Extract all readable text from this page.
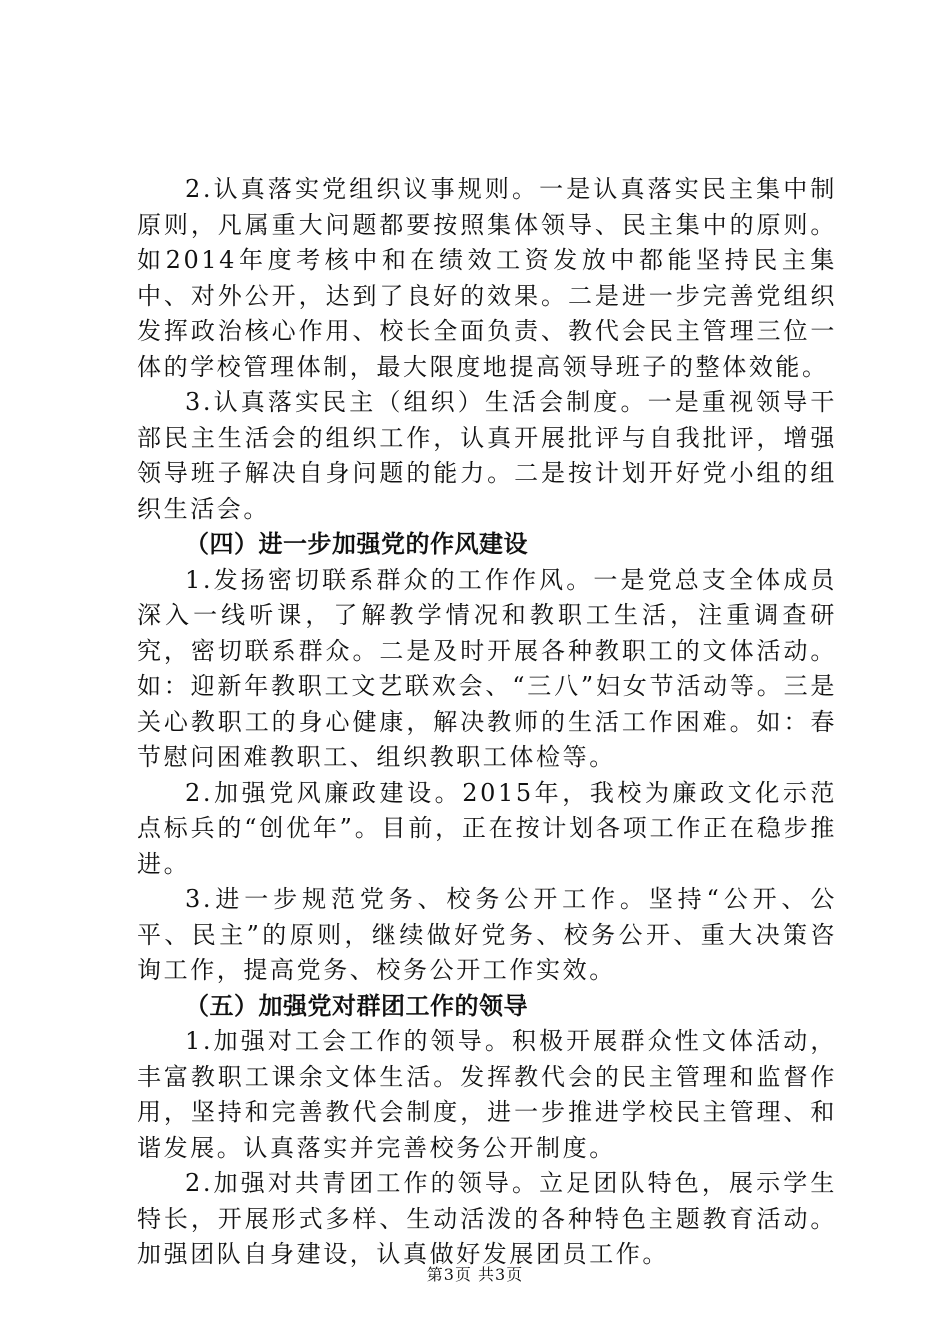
2.认真落实党组织议事规则。一是认真落实民主集中制原则，凡属重大问题都要按照集体领导、民主集中的原则。如2014年度考核中和在绩效工资发放中都能坚持民主集中、对外公开，达到了良好的效果。二是进一步完善党组织发挥政治核心作用、校长全面负责、教代会民主管理三位一体的学校管理体制，最大限度地提高领导班子的整体效能。

3.认真落实民主（组织）生活会制度。一是重视领导干部民主生活会的组织工作，认真开展批评与自我批评，增强领导班子解决自身问题的能力。二是按计划开好党小组的组织生活会。

（四）进一步加强党的作风建设

1.发扬密切联系群众的工作作风。一是党总支全体成员深入一线听课，了解教学情况和教职工生活，注重调查研究，密切联系群众。二是及时开展各种教职工的文体活动。如：迎新年教职工文艺联欢会、“三八”妇女节活动等。三是关心教职工的身心健康，解决教师的生活工作困难。如：春节慰问困难教职工、组织教职工体检等。

2.加强党风廉政建设。2015年，我校为廉政文化示范点标兵的“创优年”。目前，正在按计划各项工作正在稳步推进。

3.进一步规范党务、校务公开工作。坚持“公开、公平、民主”的原则，继续做好党务、校务公开、重大决策咨询工作，提高党务、校务公开工作实效。

（五）加强党对群团工作的领导

1.加强对工会工作的领导。积极开展群众性文体活动，丰富教职工课余文体生活。发挥教代会的民主管理和监督作用，坚持和完善教代会制度，进一步推进学校民主管理、和谐发展。认真落实并完善校务公开制度。

2.加强对共青团工作的领导。立足团队特色，展示学生特长，开展形式多样、生动活泼的各种特色主题教育活动。加强团队自身建设，认真做好发展团员工作。

第3页 共3页
